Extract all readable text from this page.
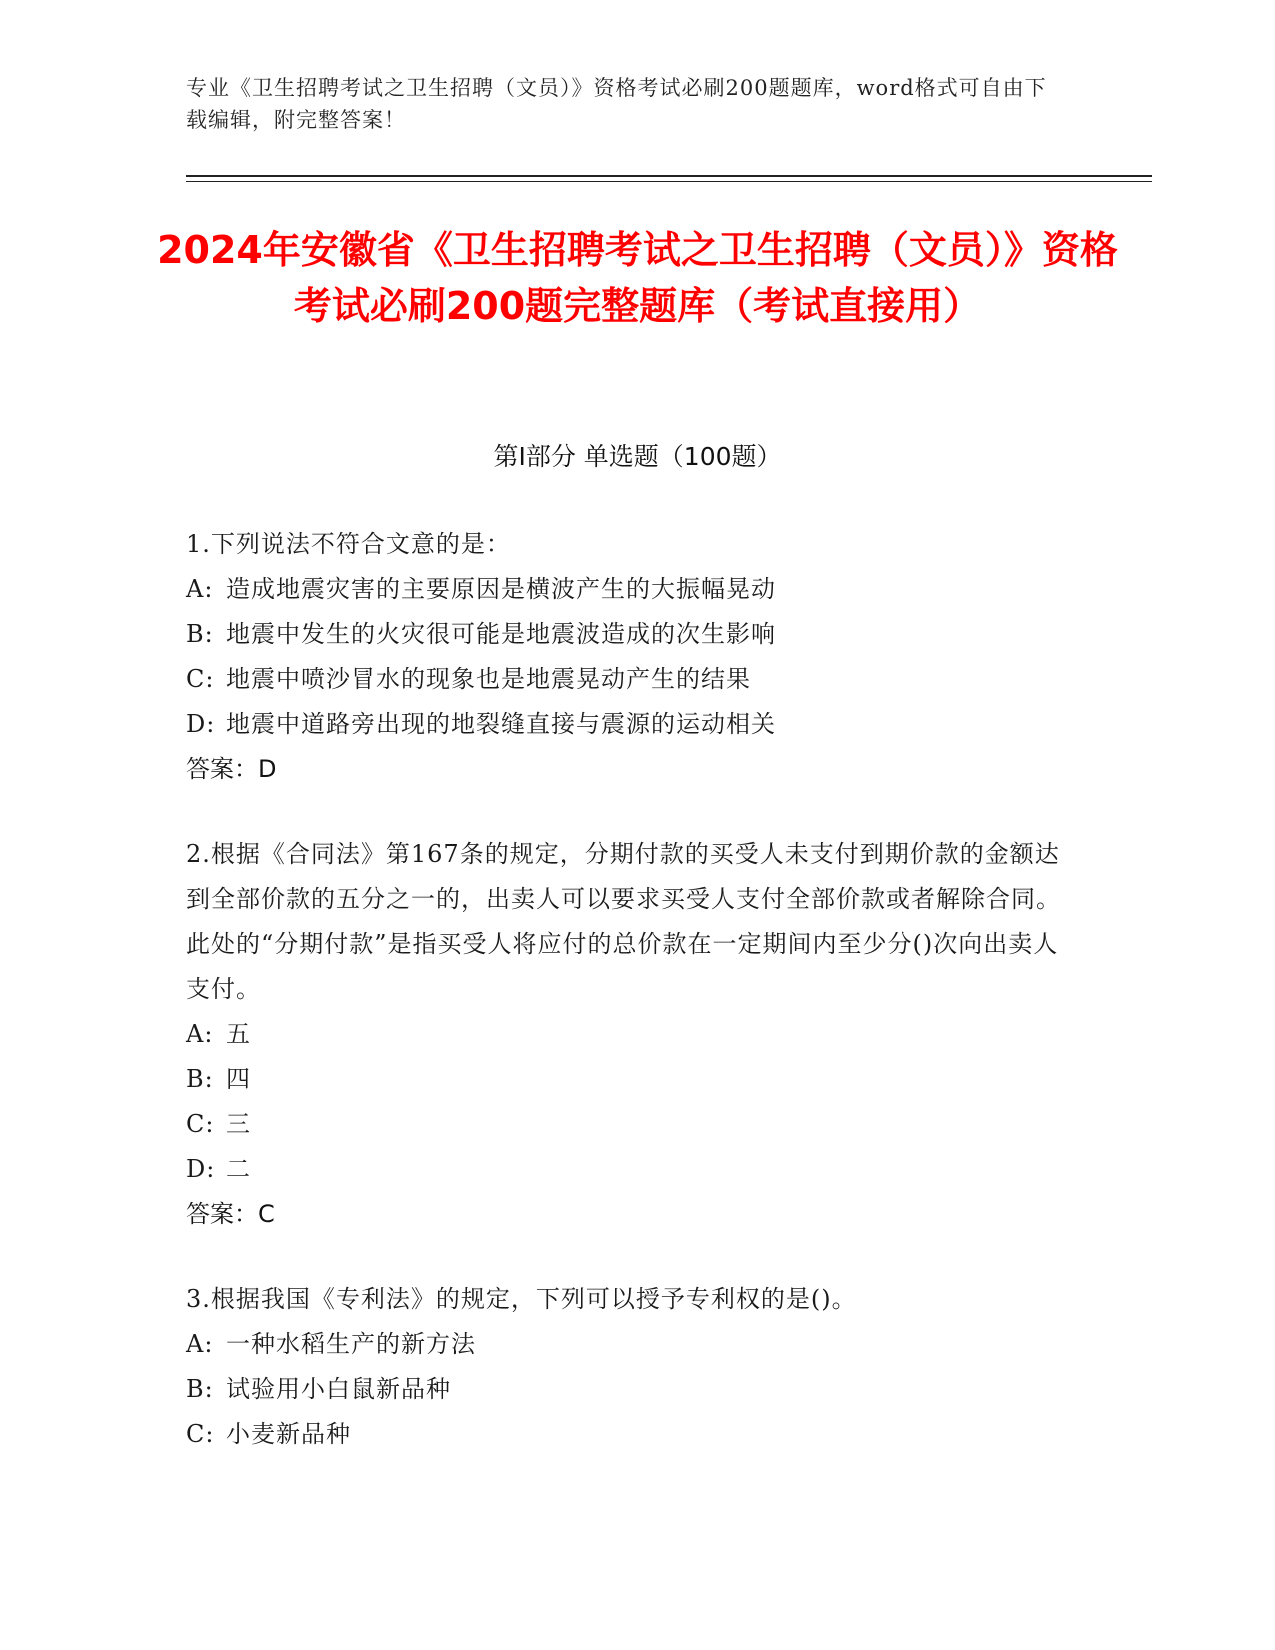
专业《卫生招聘考试之卫生招聘（文员）》资格考试必刷200题题库，word格式可自由下载编辑，附完整答案！
2024年安徽省《卫生招聘考试之卫生招聘（文员）》资格考试必刷200题完整题库（考试直接用）
第Ⅰ部分 单选题（100题）
1.下列说法不符合文意的是：
A: 造成地震灾害的主要原因是横波产生的大振幅晃动
B: 地震中发生的火灾很可能是地震波造成的次生影响
C: 地震中喷沙冒水的现象也是地震晃动产生的结果
D: 地震中道路旁出现的地裂缝直接与震源的运动相关
答案：D
2.根据《合同法》第167条的规定，分期付款的买受人未支付到期价款的金额达到全部价款的五分之一的，出卖人可以要求买受人支付全部价款或者解除合同。此处的“分期付款”是指买受人将应付的总价款在一定期间内至少分()次向出卖人支付。
A: 五
B: 四
C: 三
D: 二
答案：C
3.根据我国《专利法》的规定，下列可以授予专利权的是()。
A: 一种水稻生产的新方法
B: 试验用小白鼠新品种
C: 小麦新品种
